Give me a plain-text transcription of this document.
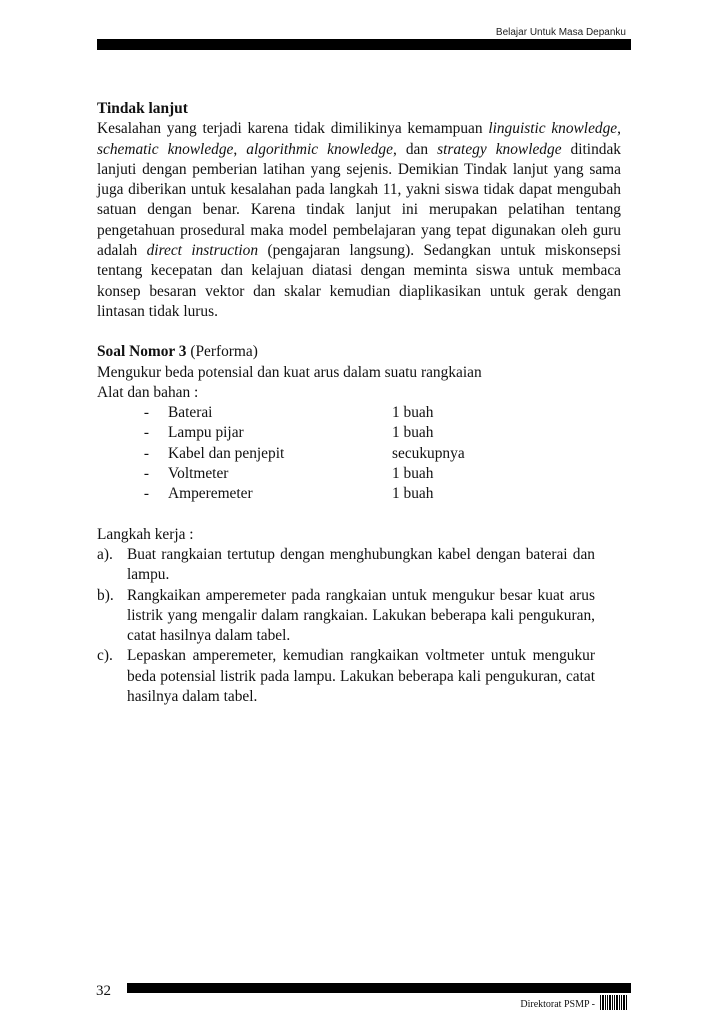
Belajar Untuk Masa Depanku

Tindak lanjut

Kesalahan yang terjadi karena tidak dimilikinya kemampuan linguistic knowledge, schematic knowledge, algorithmic knowledge, dan strategy knowledge ditindak lanjuti dengan pemberian latihan yang sejenis. Demikian Tindak lanjut yang sama juga diberikan untuk kesalahan pada langkah 11, yakni siswa tidak dapat mengubah satuan dengan benar. Karena tindak lanjut ini merupakan pelatihan tentang pengetahuan prosedural maka model pembelajaran yang tepat digunakan oleh guru adalah direct instruction (pengajaran langsung). Sedangkan untuk miskonsepsi tentang kecepatan dan kelajuan diatasi dengan meminta siswa untuk membaca konsep besaran vektor dan skalar kemudian diaplikasikan untuk gerak dengan lintasan tidak lurus.

Soal Nomor 3 (Performa)

Mengukur beda potensial dan kuat arus dalam suatu rangkaian

Alat dan bahan :

-	Baterai	1 buah
-	Lampu pijar	1 buah
-	Kabel dan penjepit	secukupnya
-	Voltmeter	1 buah
-	Amperemeter	1 buah

Langkah kerja :

a). Buat rangkaian tertutup dengan menghubungkan kabel dengan baterai dan lampu.
b). Rangkaikan amperemeter pada rangkaian untuk mengukur besar kuat arus listrik yang mengalir dalam rangkaian. Lakukan beberapa kali pengukuran, catat hasilnya dalam tabel.
c). Lepaskan amperemeter, kemudian rangkaikan voltmeter untuk mengukur beda potensial listrik pada lampu. Lakukan beberapa kali pengukuran, catat hasilnya dalam tabel.
32
Direktorat PSMP -
